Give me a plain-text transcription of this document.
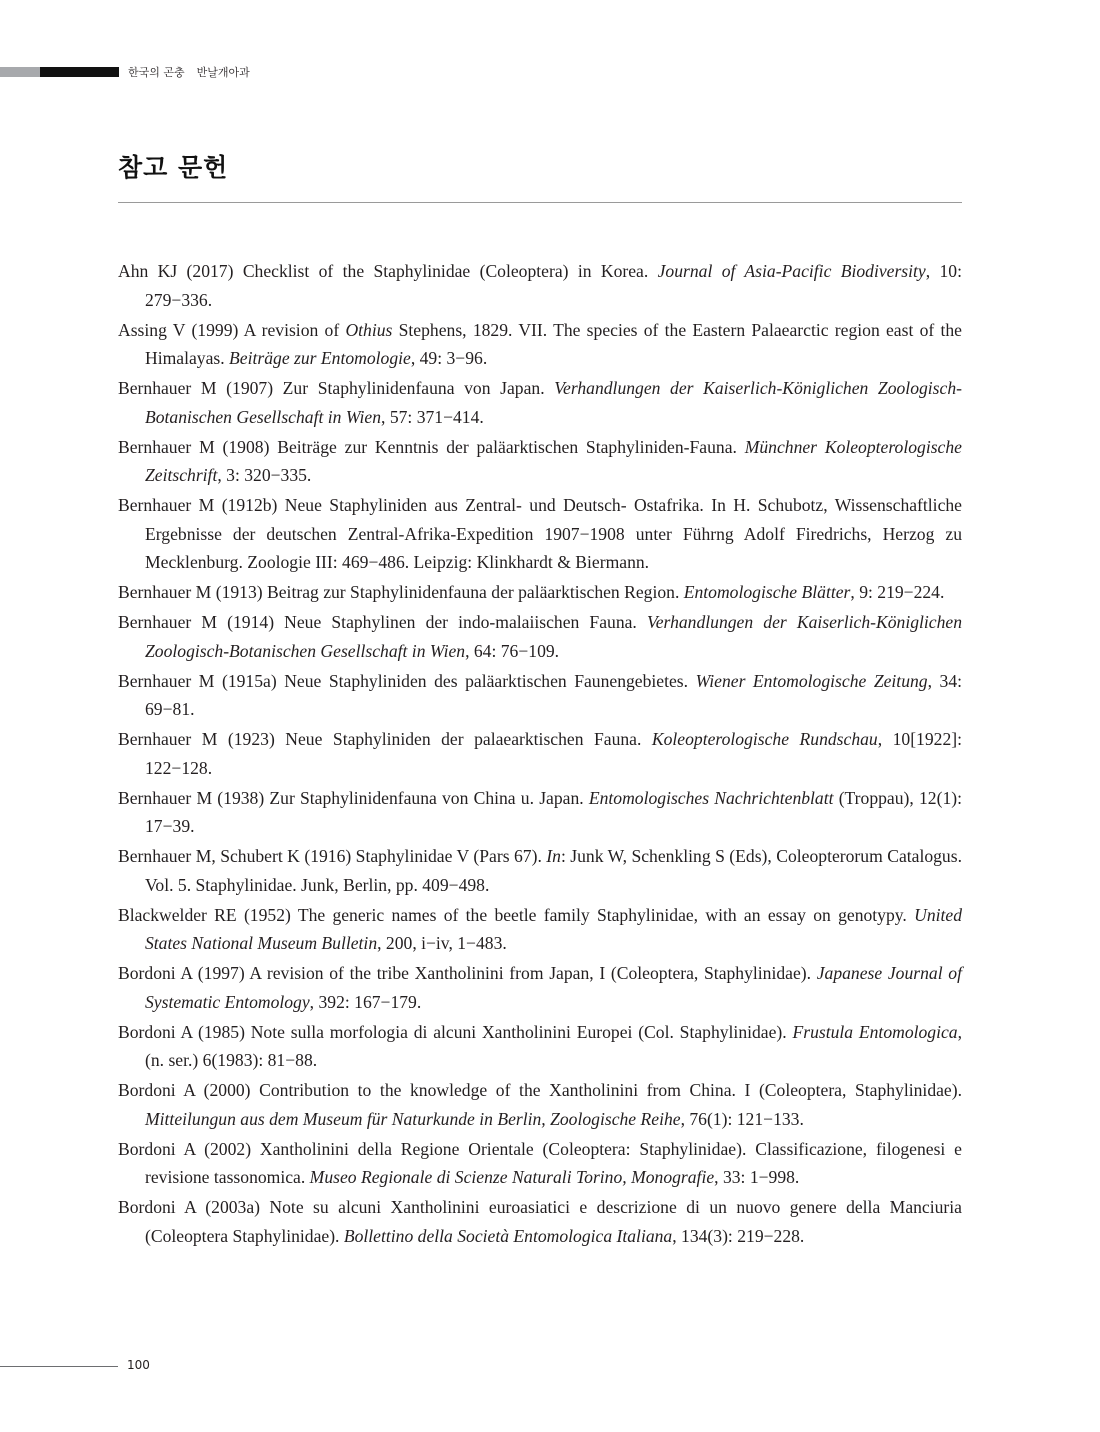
한국의 곤충 반날개아과
참고 문헌
Ahn KJ (2017) Checklist of the Staphylinidae (Coleoptera) in Korea. Journal of Asia-Pacific Biodiversity, 10: 279−336.
Assing V (1999) A revision of Othius Stephens, 1829. VII. The species of the Eastern Palaearctic region east of the Himalayas. Beiträge zur Entomologie, 49: 3−96.
Bernhauer M (1907) Zur Staphylinidenfauna von Japan. Verhandlungen der Kaiserlich-Königlichen Zoologisch-Botanischen Gesellschaft in Wien, 57: 371−414.
Bernhauer M (1908) Beiträge zur Kenntnis der paläarktischen Staphyliniden-Fauna. Münchner Koleopterologische Zeitschrift, 3: 320−335.
Bernhauer M (1912b) Neue Staphyliniden aus Zentral- und Deutsch- Ostafrika. In H. Schubotz, Wissenschaftliche Ergebnisse der deutschen Zentral-Afrika-Expedition 1907−1908 unter Führng Adolf Firedrichs, Herzog zu Mecklenburg. Zoologie III: 469−486. Leipzig: Klinkhardt & Biermann.
Bernhauer M (1913) Beitrag zur Staphylinidenfauna der paläarktischen Region. Entomologische Blätter, 9: 219−224.
Bernhauer M (1914) Neue Staphylinen der indo-malaiischen Fauna. Verhandlungen der Kaiserlich-Königlichen Zoologisch-Botanischen Gesellschaft in Wien, 64: 76−109.
Bernhauer M (1915a) Neue Staphyliniden des paläarktischen Faunengebietes. Wiener Entomologische Zeitung, 34: 69−81.
Bernhauer M (1923) Neue Staphyliniden der palaearktischen Fauna. Koleopterologische Rundschau, 10[1922]: 122−128.
Bernhauer M (1938) Zur Staphylinidenfauna von China u. Japan. Entomologisches Nachrichtenblatt (Troppau), 12(1): 17−39.
Bernhauer M, Schubert K (1916) Staphylinidae V (Pars 67). In: Junk W, Schenkling S (Eds), Coleopterorum Catalogus. Vol. 5. Staphylinidae. Junk, Berlin, pp. 409−498.
Blackwelder RE (1952) The generic names of the beetle family Staphylinidae, with an essay on genotypy. United States National Museum Bulletin, 200, i−iv, 1−483.
Bordoni A (1997) A revision of the tribe Xantholinini from Japan, I (Coleoptera, Staphylinidae). Japanese Journal of Systematic Entomology, 392: 167−179.
Bordoni A (1985) Note sulla morfologia di alcuni Xantholinini Europei (Col. Staphylinidae). Frustula Entomologica, (n. ser.) 6(1983): 81−88.
Bordoni A (2000) Contribution to the knowledge of the Xantholinini from China. I (Coleoptera, Staphylinidae). Mitteilungun aus dem Museum für Naturkunde in Berlin, Zoologische Reihe, 76(1): 121−133.
Bordoni A (2002) Xantholinini della Regione Orientale (Coleoptera: Staphylinidae). Classificazione, filogenesi e revisione tassonomica. Museo Regionale di Scienze Naturali Torino, Monografie, 33: 1−998.
Bordoni A (2003a) Note su alcuni Xantholinini euroasiatici e descrizione di un nuovo genere della Manciuria (Coleoptera Staphylinidae). Bollettino della Società Entomologica Italiana, 134(3): 219−228.
100
